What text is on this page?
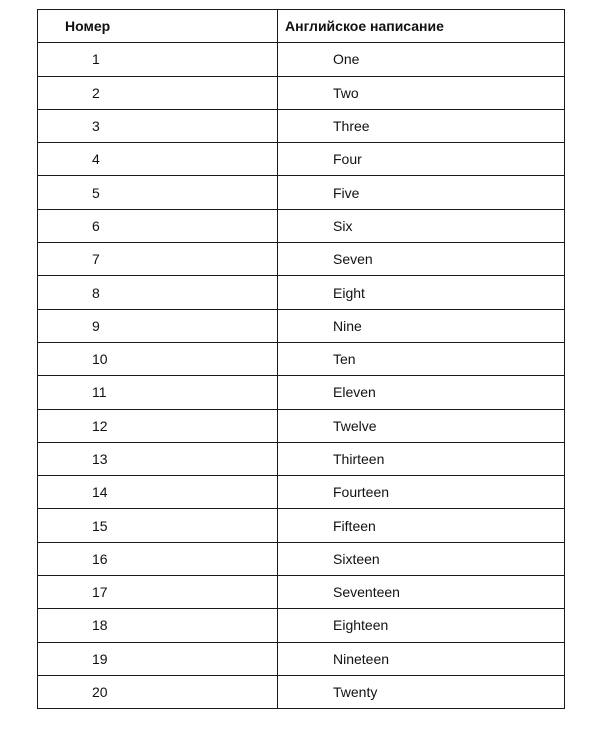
Номер	Английское написание
1	One
2	Two
3	Three
4	Four
5	Five
6	Six
7	Seven
8	Eight
9	Nine
10	Ten
11	Eleven
12	Twelve
13	Thirteen
14	Fourteen
15	Fifteen
16	Sixteen
17	Seventeen
18	Eighteen
19	Nineteen
20	Twenty
